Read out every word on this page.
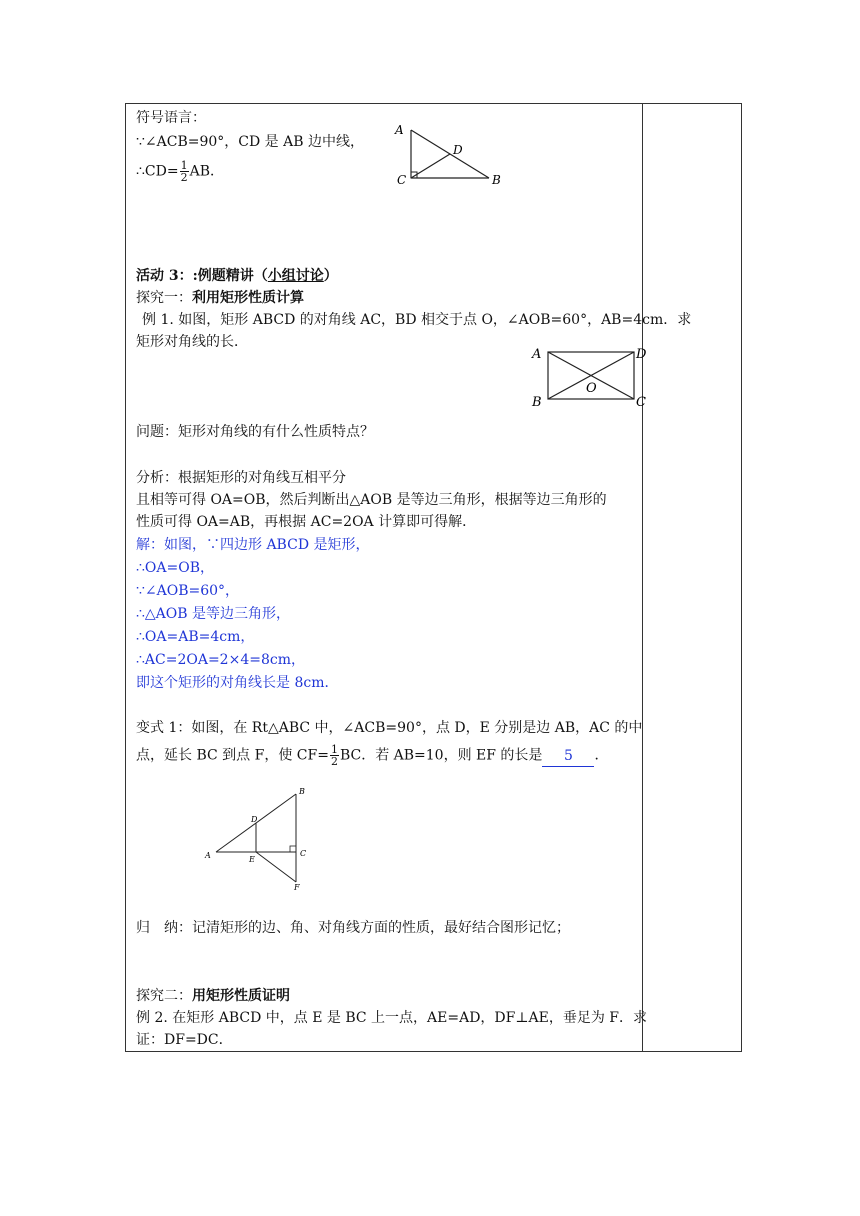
符号语言：
∵∠ACB=90°，CD 是 AB 边中线，
∴CD= $\frac{1}{2}$ AB．
A
D
C	B
活动 3：:例题精讲（小组讨论）
探究一：利用矩形性质计算
例 1. 如图，矩形 ABCD 的对角线 AC，BD 相交于点 O，∠AOB=60°，AB=4cm．求
矩形对角线的长．
A	D
B	C
O
问题：矩形对角线的有什么性质特点？
分析：根据矩形的对角线互相平分
且相等可得 OA=OB，然后判断出△AOB 是等边三角形，根据等边三角形的
性质可得 OA=AB，再根据 AC=2OA 计算即可得解．
解：如图，∵四边形 ABCD 是矩形，
∴OA=OB，
∵∠AOB=60°，
∴△AOB 是等边三角形，
∴OA=AB=4cm，
∴AC=2OA=2×4=8cm，
即这个矩形的对角线长是 8cm．
变式 1：如图，在 Rt△ABC 中，∠ACB=90°，点 D，E 分别是边 AB，AC 的中
点，延长 BC 到点 F，使 $CF= \frac{1}{2}$ BC．若 AB=10，则 EF 的长是 5 ．
A
B
C
D
E
F
归　纳：记清矩形的边、角、对角线方面的性质，最好结合图形记忆；
探究二：用矩形性质证明
例 2. 在矩形 ABCD 中，点 E 是 BC 上一点，AE=AD，DF⊥AE，垂足为 F．求
证：DF=DC．
